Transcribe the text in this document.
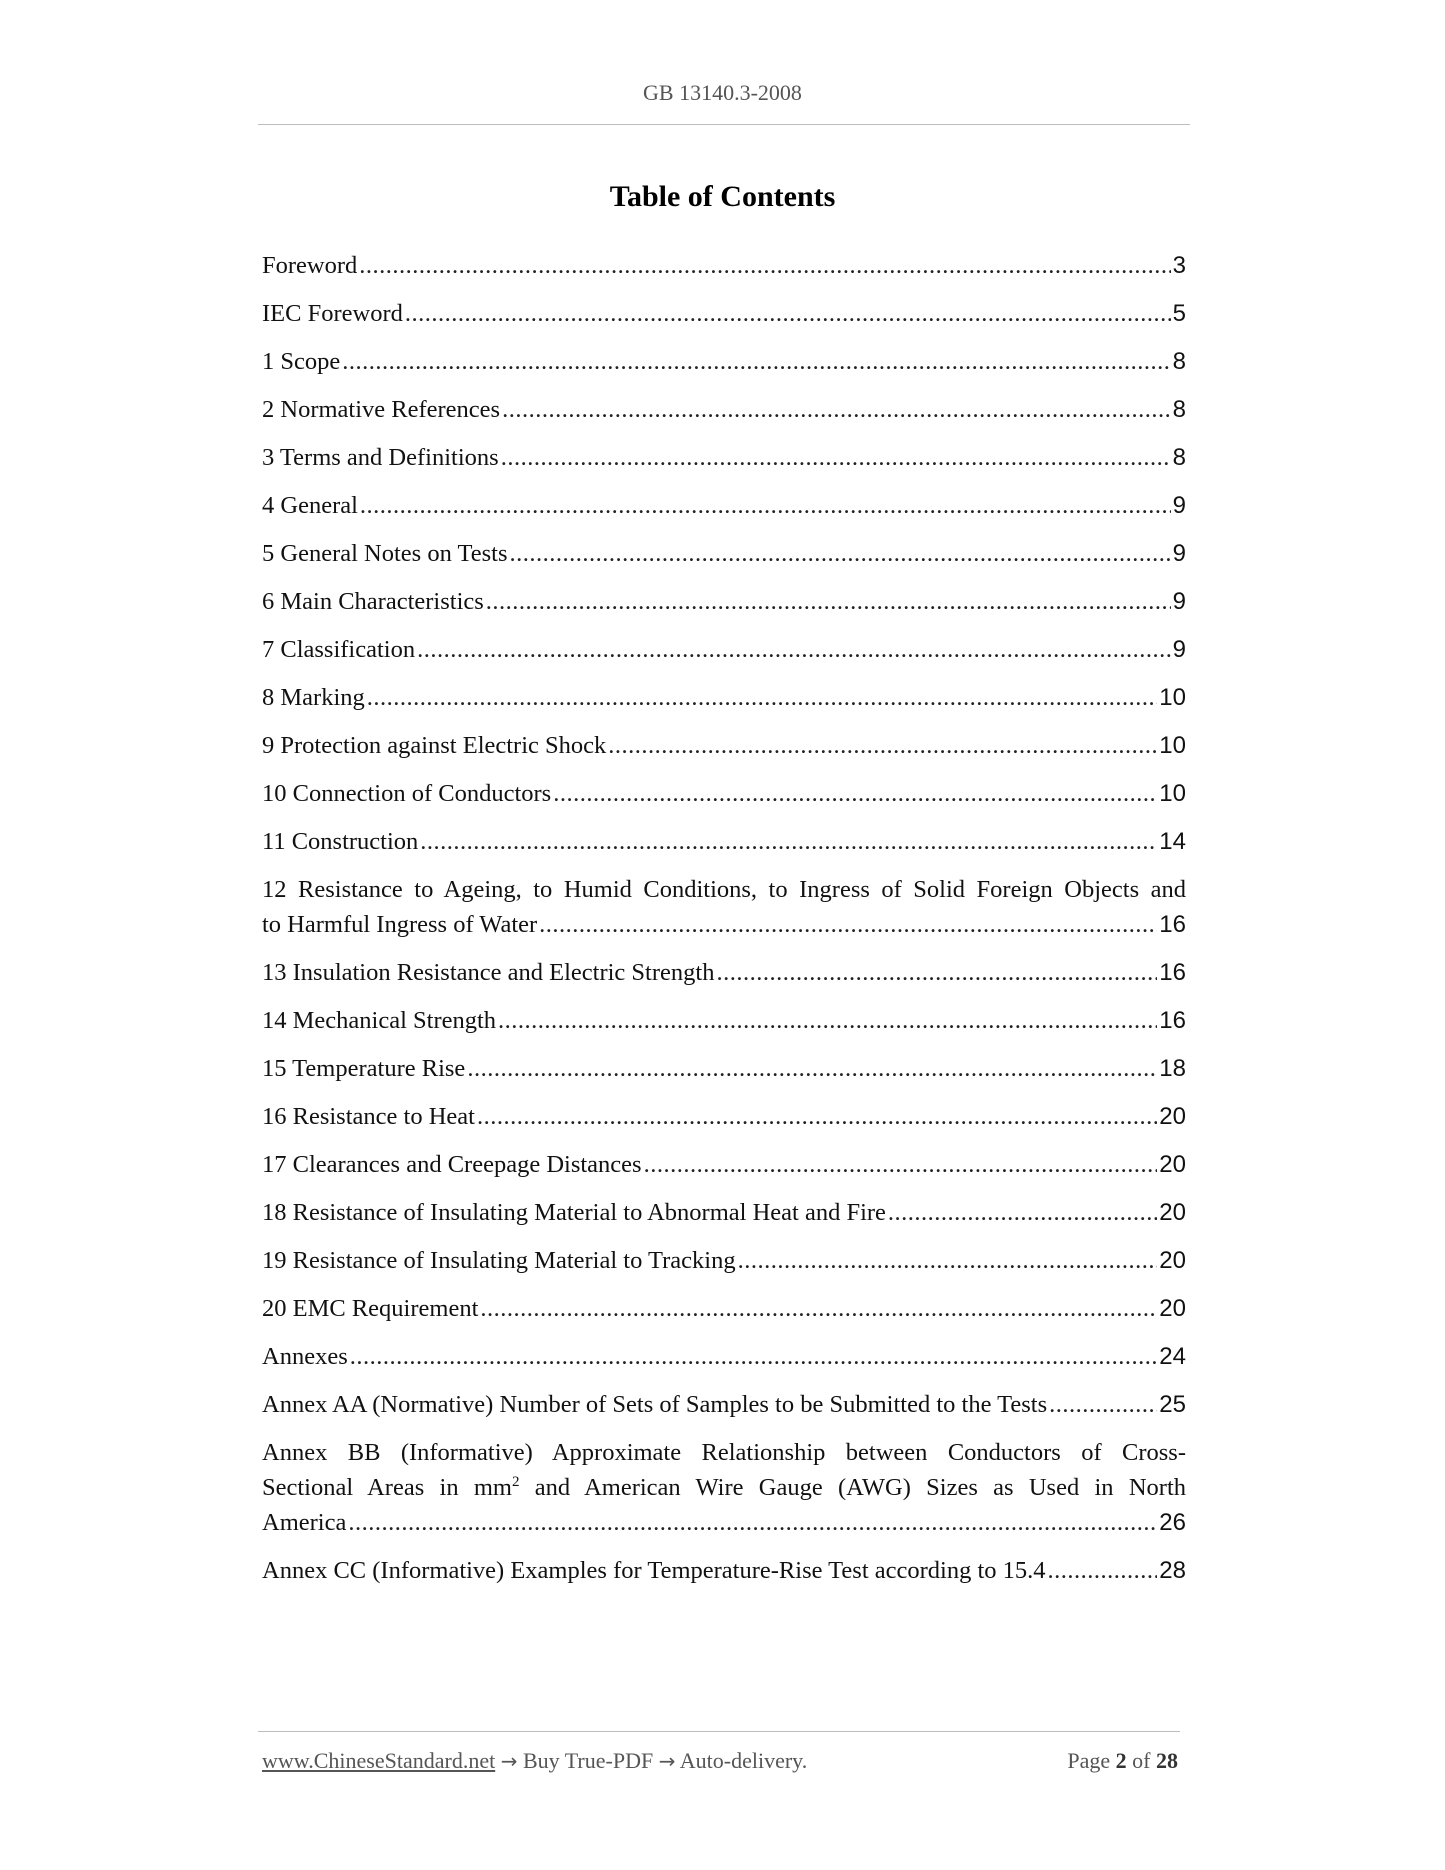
GB 13140.3-2008
Table of Contents
Foreword .....	3
IEC Foreword .....	5
1 Scope .....	8
2 Normative References .....	8
3 Terms and Definitions .....	8
4 General .....	9
5 General Notes on Tests .....	9
6 Main Characteristics .....	9
7 Classification .....	9
8 Marking .....	10
9 Protection against Electric Shock .....	10
10 Connection of Conductors .....	10
11 Construction .....	14
12 Resistance to Ageing, to Humid Conditions, to Ingress of Solid Foreign Objects and
to Harmful Ingress of Water .....	16
13 Insulation Resistance and Electric Strength .....	16
14 Mechanical Strength .....	16
15 Temperature Rise .....	18
16 Resistance to Heat .....	20
17 Clearances and Creepage Distances .....	20
18 Resistance of Insulating Material to Abnormal Heat and Fire .....	20
19 Resistance of Insulating Material to Tracking .....	20
20 EMC Requirement .....	20
Annexes .....	24
Annex AA (Normative) Number of Sets of Samples to be Submitted to the Tests .....	25
Annex BB (Informative) Approximate Relationship between Conductors of Cross-
Sectional Areas in $mm^2$ and American Wire Gauge (AWG) Sizes as Used in North
America .....	26
Annex CC (Informative) Examples for Temperature-Rise Test according to 15.4 .....	28
www.ChineseStandard.net → Buy True-PDF → Auto-delivery.	Page 2 of 28
